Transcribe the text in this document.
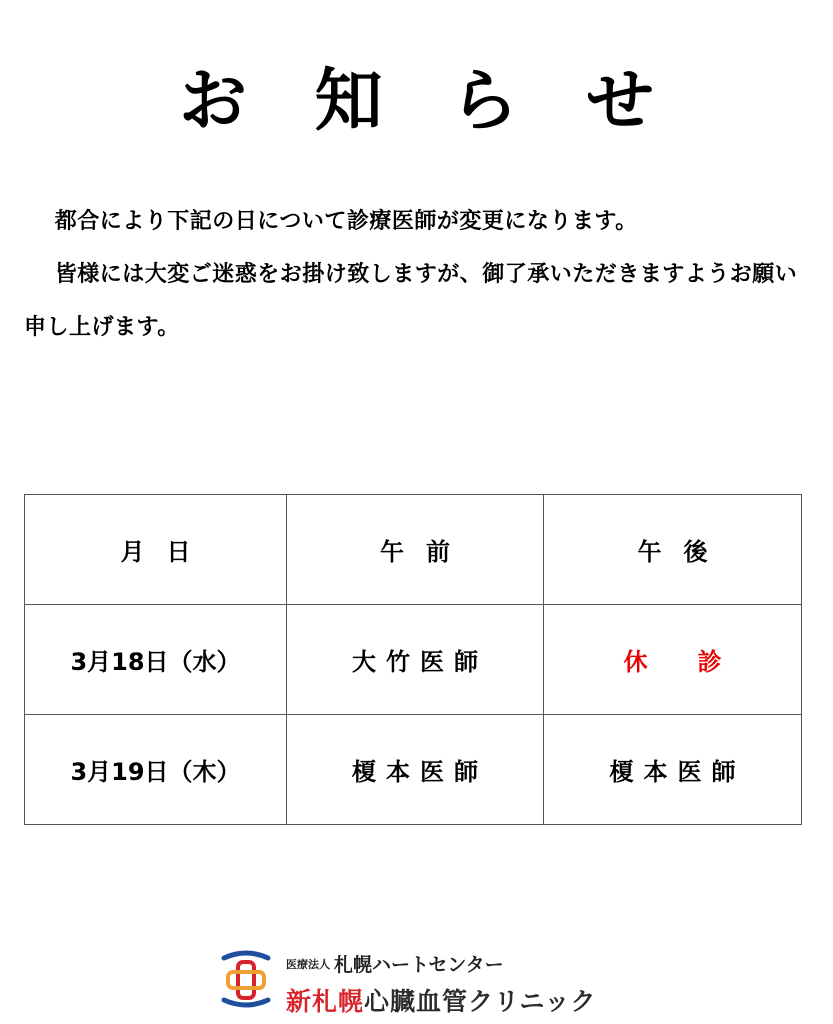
お 知 ら せ

都合により下記の日について診療医師が変更になります。

皆様には大変ご迷惑をお掛け致しますが、御了承いただきますようお願い申し上げます。

月日	午前	午後
3月18日（水）	大竹医師	休診
3月19日（木）	榎本医師	榎本医師
医療法人 札幌ハートセンター
新札幌心臓血管クリニック
